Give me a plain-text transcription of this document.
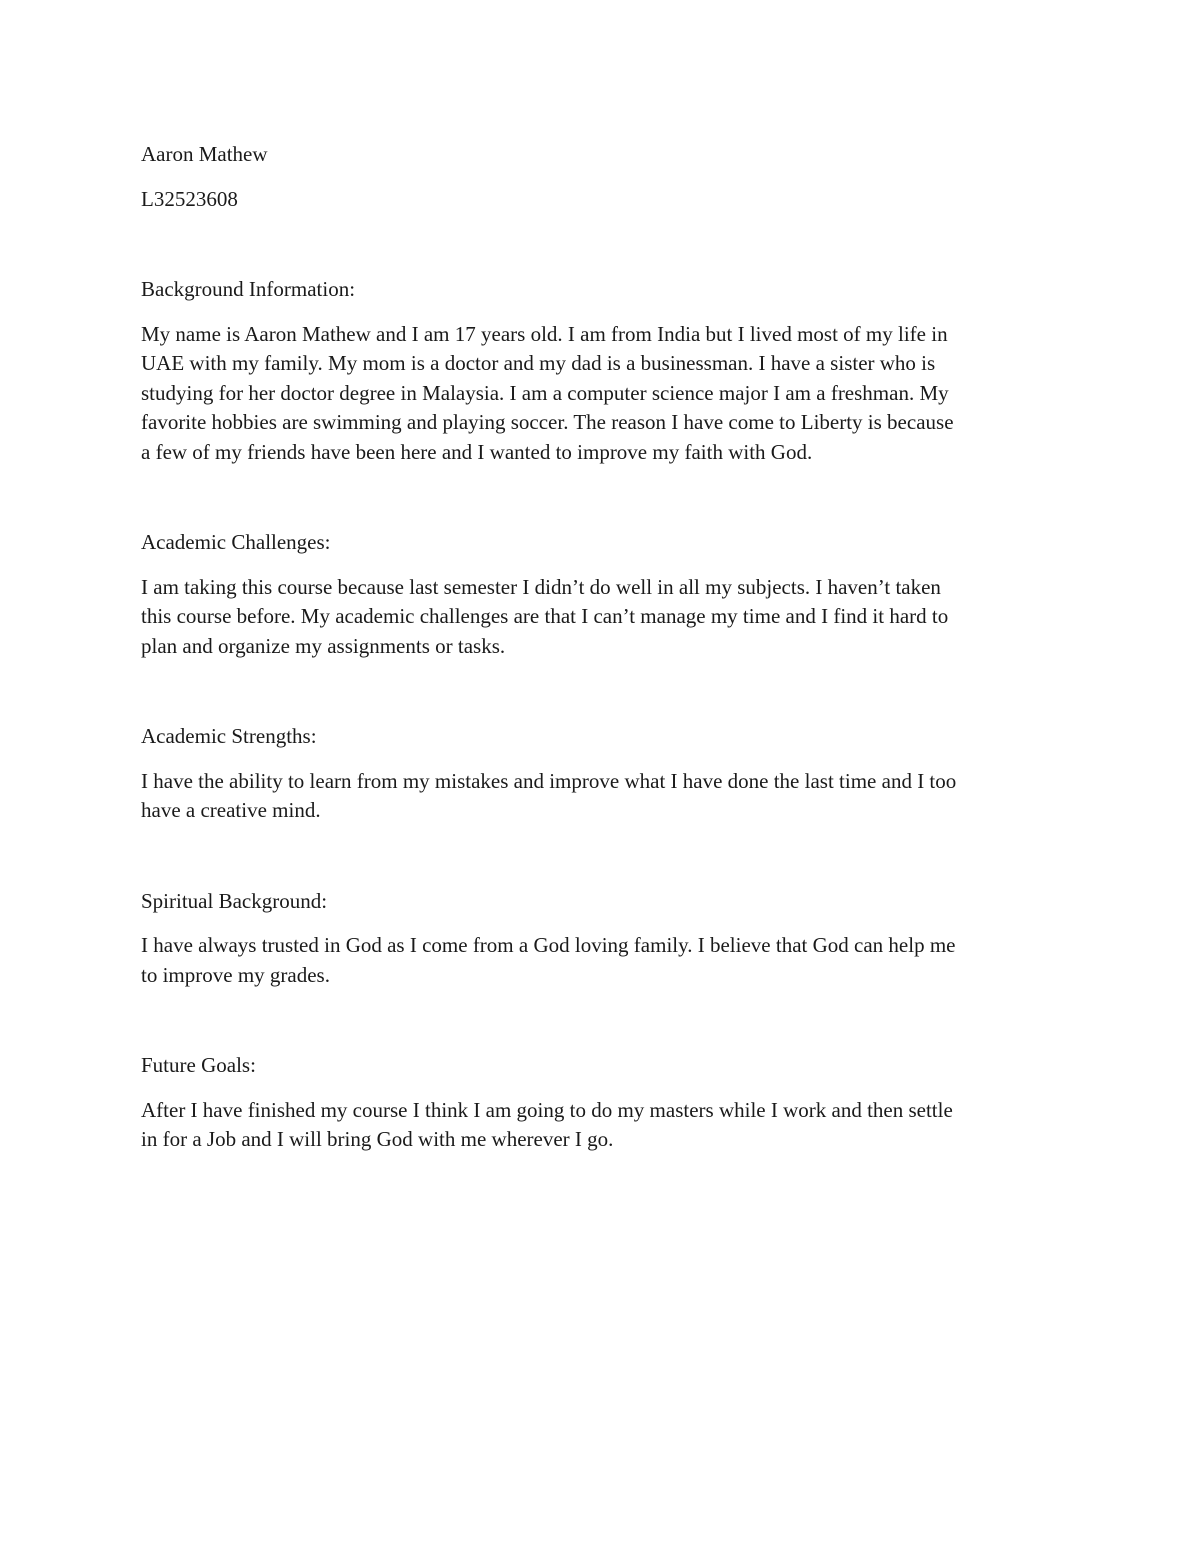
Aaron Mathew

L32523608

Background Information:

My name is Aaron Mathew and I am 17 years old. I am from India but I lived most of my life in

UAE with my family. My mom is a doctor and my dad is a businessman. I have a sister who is

studying for her doctor degree in Malaysia. I am a computer science major I am a freshman. My

favorite hobbies are swimming and playing soccer. The reason I have come to Liberty is because

a few of my friends have been here and I wanted to improve my faith with God.

Academic Challenges:

I am taking this course because last semester I didn’t do well in all my subjects. I haven’t taken

this course before. My academic challenges are that I can’t manage my time and I find it hard to

plan and organize my assignments or tasks.

Academic Strengths:

I have the ability to learn from my mistakes and improve what I have done the last time and I too

have a creative mind.

Spiritual Background:

I have always trusted in God as I come from a God loving family. I believe that God can help me

to improve my grades.

Future Goals:

After I have finished my course I think I am going to do my masters while I work and then settle

in for a Job and I will bring God with me wherever I go.
